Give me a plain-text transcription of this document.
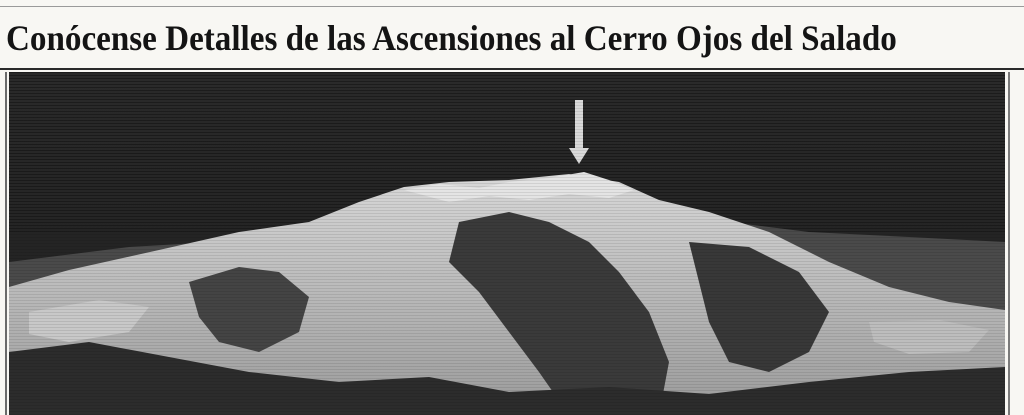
Conócense Detalles de las Ascensiones al Cerro Ojos del Salado
